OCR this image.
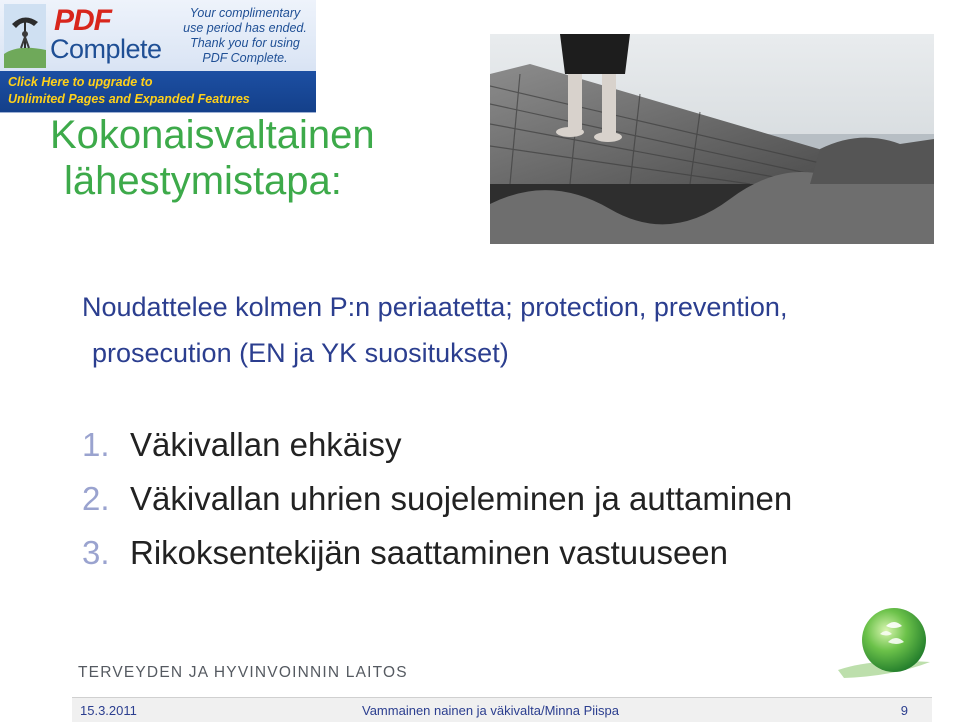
PDF
Complete
Your complimentary
use period has ended.
Thank you for using
PDF Complete.
Click Here to upgrade to
Unlimited Pages and Expanded Features
Kokonaisvaltainen
lähestymistapa:
Noudattelee kolmen P:n periaatetta; protection, prevention,
prosecution (EN ja YK suositukset)
1. Väkivallan ehkäisy
2. Väkivallan uhrien suojeleminen ja auttaminen
3. Rikoksentekijän saattaminen vastuuseen
TERVEYDEN JA HYVINVOINNIN LAITOS
15.3.2011	Vammainen nainen ja väkivalta/Minna Piispa	9
